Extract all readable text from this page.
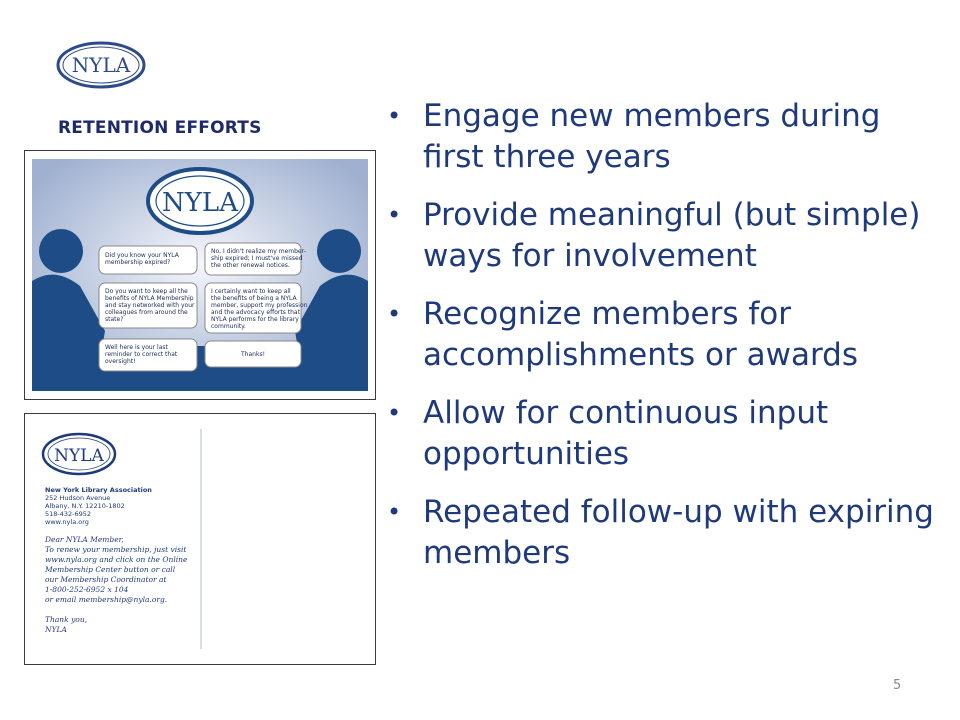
NYLA
RETENTION EFFORTS
NYLA
Did you know your NYLA membership expired?
Do you want to keep all the benefits of NYLA Membership and stay networked with your colleagues from around the state?
Well here is your last reminder to correct that oversight!
No, I didn't realize my member-ship expired; I must've missed the other renewal notices.
I certainly want to keep all the benefits of being a NYLA member, support my profession and the advocacy efforts that NYLA performs for the library community.
Thanks!
NYLA
New York Library Association
252 Hudson Avenue Albany, N.Y. 12210-1802 518-432-6952 www.nyla.org
Dear NYLA Member, To renew your membership, just visit www.nyla.org and click on the Online Membership Center button or call our Membership Coordinator at 1-800-252-6952 x 104 or email membership@nyla.org. Thank you, NYLA
• Engage new members during first three years
• Provide meaningful (but simple) ways for involvement
• Recognize members for accomplishments or awards
• Allow for continuous input opportunities
• Repeated follow-up with expiring members
5
